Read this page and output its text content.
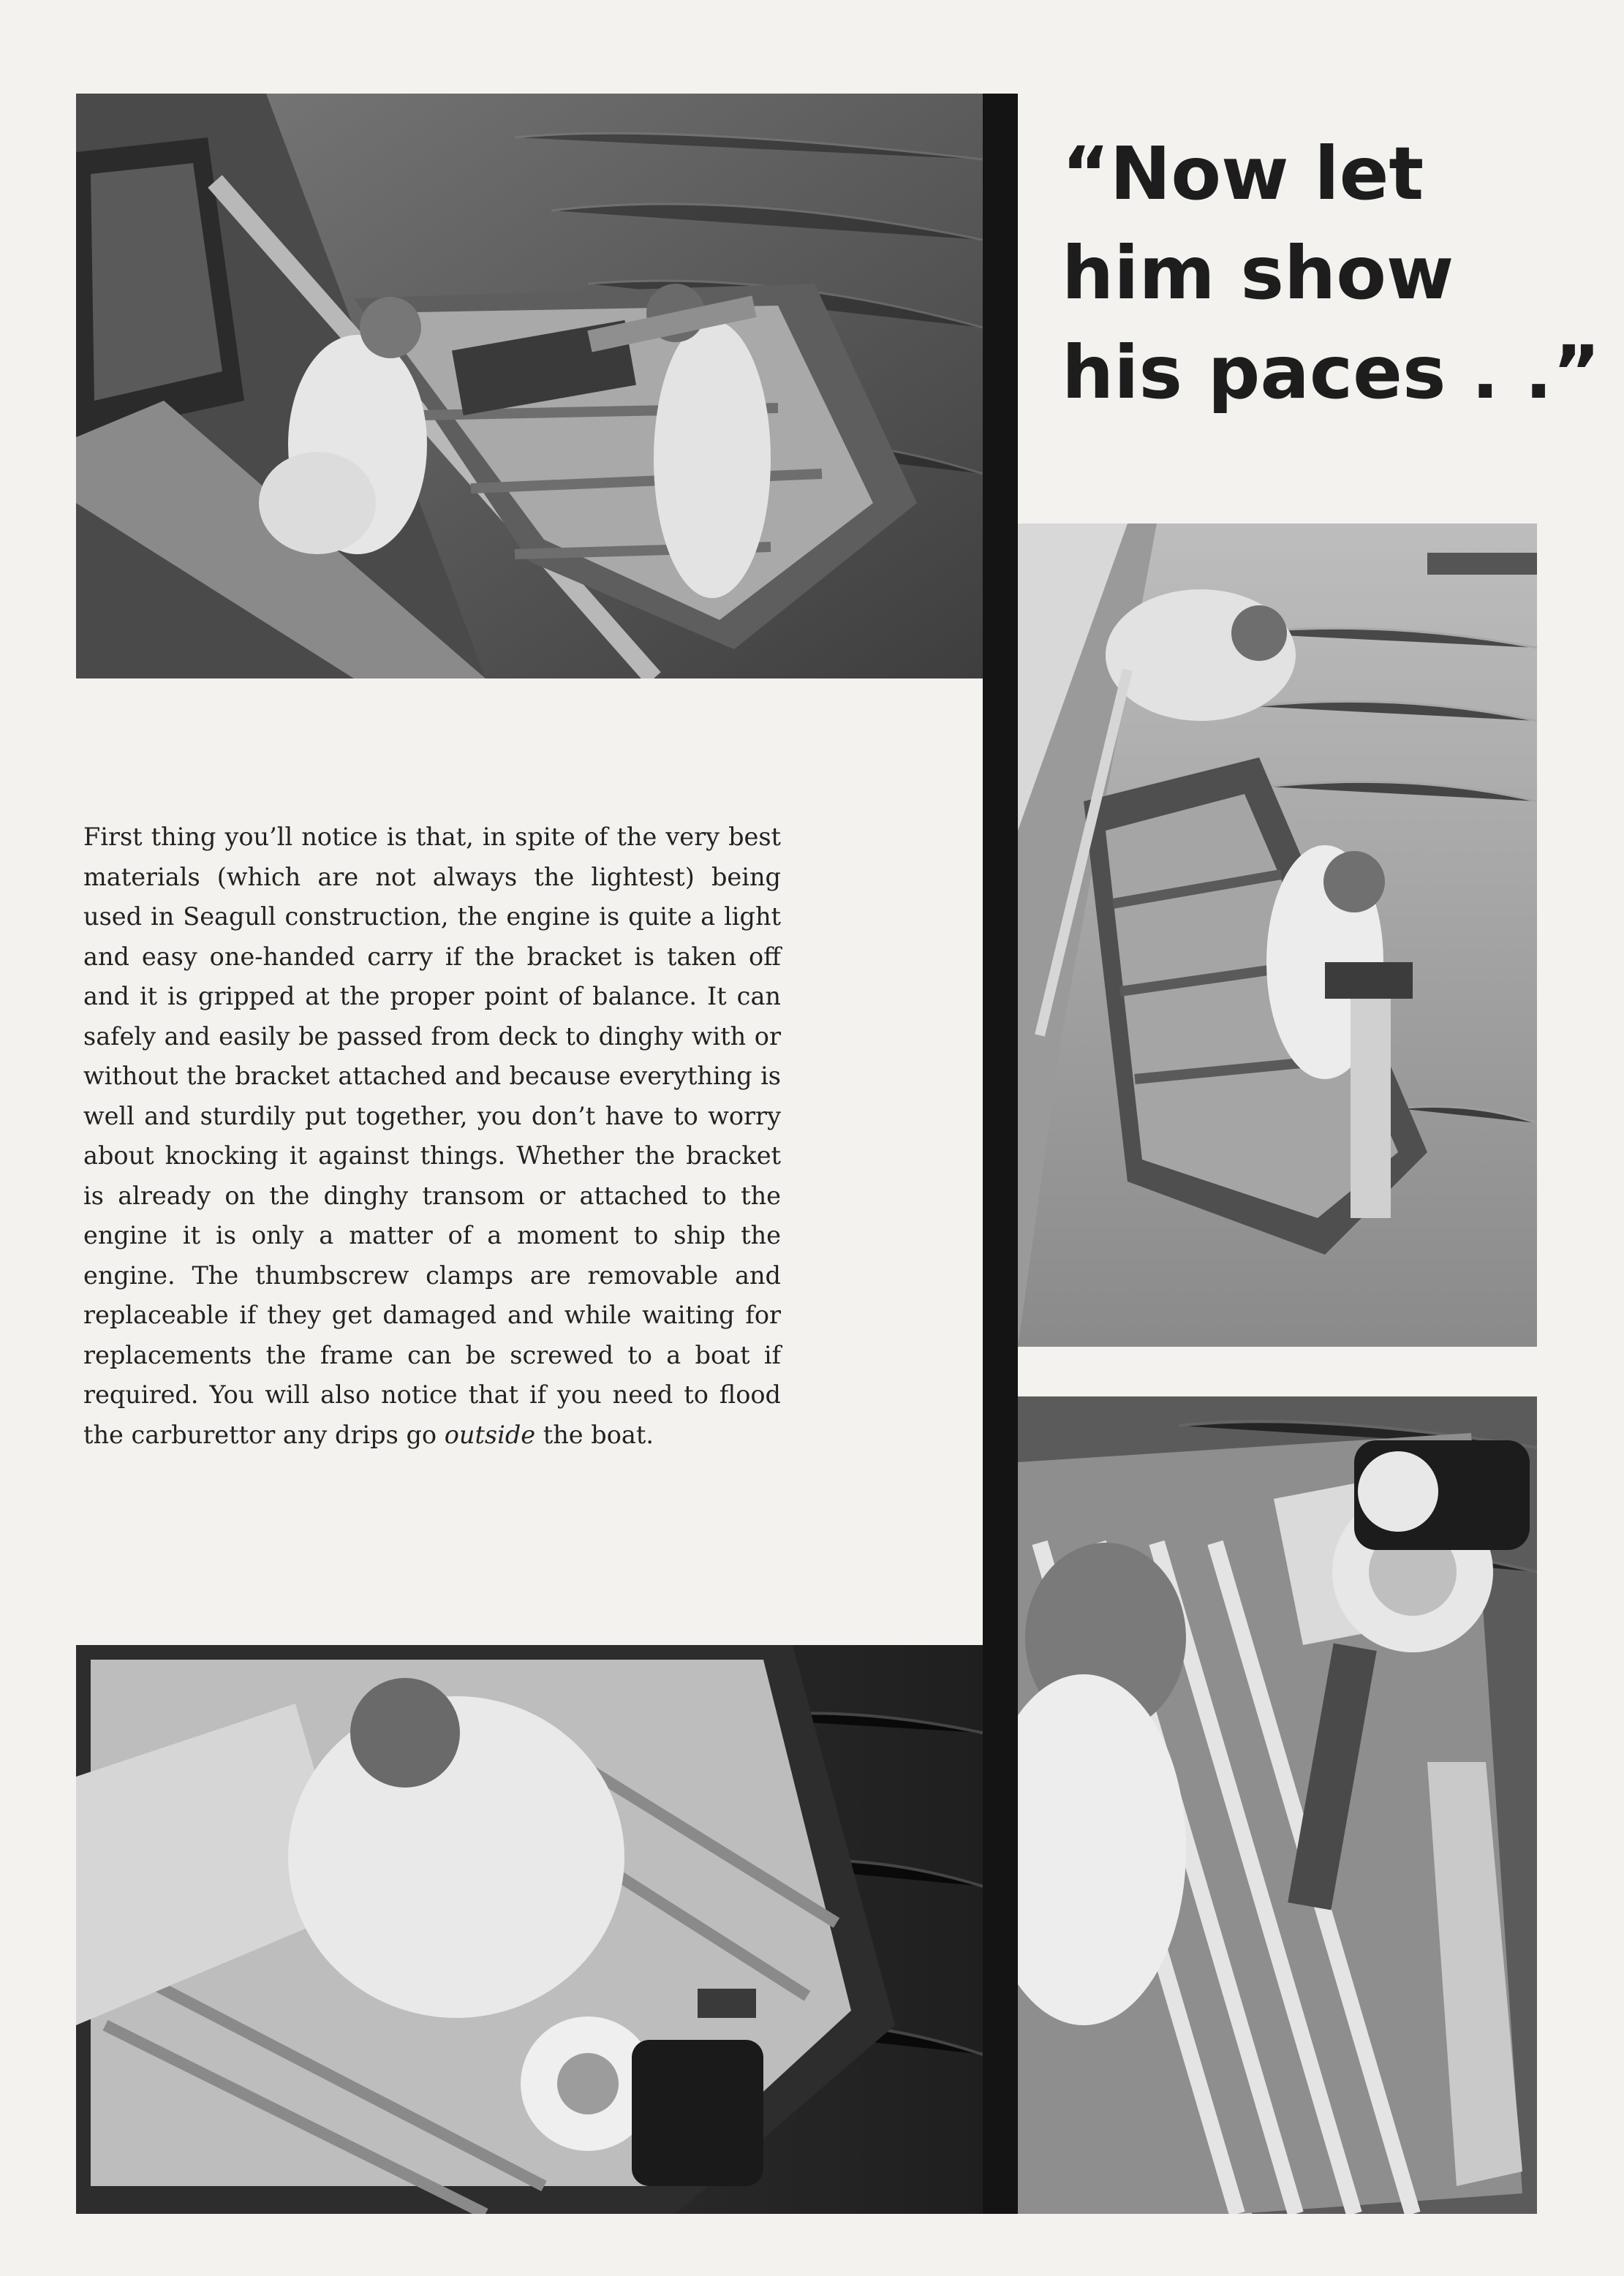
“Now let
him show
his paces . .”

First thing you’ll notice is that, in spite of the very best materials (which are not always the lightest) being used in Seagull construction, the engine is quite a light and easy one-handed carry if the bracket is taken off and it is gripped at the proper point of balance. It can safely and easily be passed from deck to dinghy with or without the bracket attached and because everything is well and sturdily put together, you don’t have to worry about knocking it against things. Whether the bracket is already on the dinghy transom or attached to the engine it is only a matter of a moment to ship the engine. The thumbscrew clamps are removable and replaceable if they get damaged and while waiting for replacements the frame can be screwed to a boat if required. You will also notice that if you need to flood the carburettor any drips go outside the boat.
